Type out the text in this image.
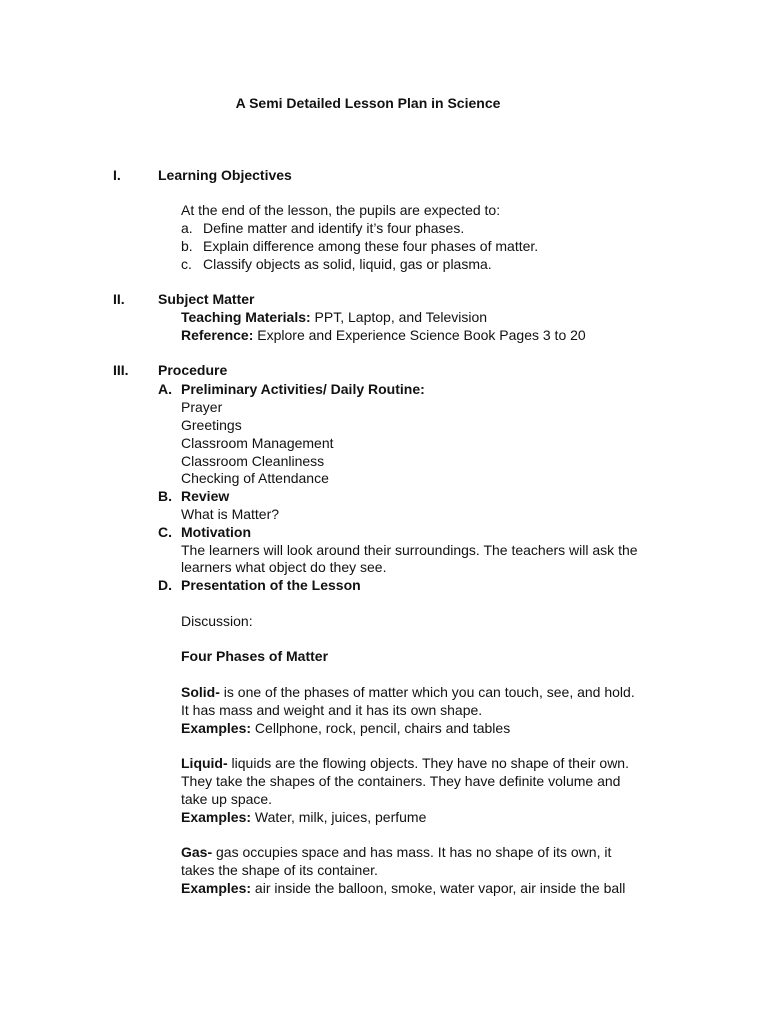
A Semi Detailed Lesson Plan in Science
I.	Learning Objectives
At the end of the lesson, the pupils are expected to:
a. Define matter and identify it’s four phases.
b. Explain difference among these four phases of matter.
c. Classify objects as solid, liquid, gas or plasma.
II. Subject Matter
Teaching Materials: PPT, Laptop, and Television
Reference: Explore and Experience Science Book Pages 3 to 20
III. Procedure
A. Preliminary Activities/ Daily Routine:
Prayer
Greetings
Classroom Management
Classroom Cleanliness
Checking of Attendance
B. Review
What is Matter?
C. Motivation
The learners will look around their surroundings. The teachers will ask the
learners what object do they see.
D. Presentation of the Lesson
Discussion:
Four Phases of Matter
Solid- is one of the phases of matter which you can touch, see, and hold.
It has mass and weight and it has its own shape.
Examples: Cellphone, rock, pencil, chairs and tables
Liquid- liquids are the flowing objects. They have no shape of their own.
They take the shapes of the containers. They have definite volume and
take up space.
Examples: Water, milk, juices, perfume
Gas- gas occupies space and has mass. It has no shape of its own, it
takes the shape of its container.
Examples: air inside the balloon, smoke, water vapor, air inside the ball
